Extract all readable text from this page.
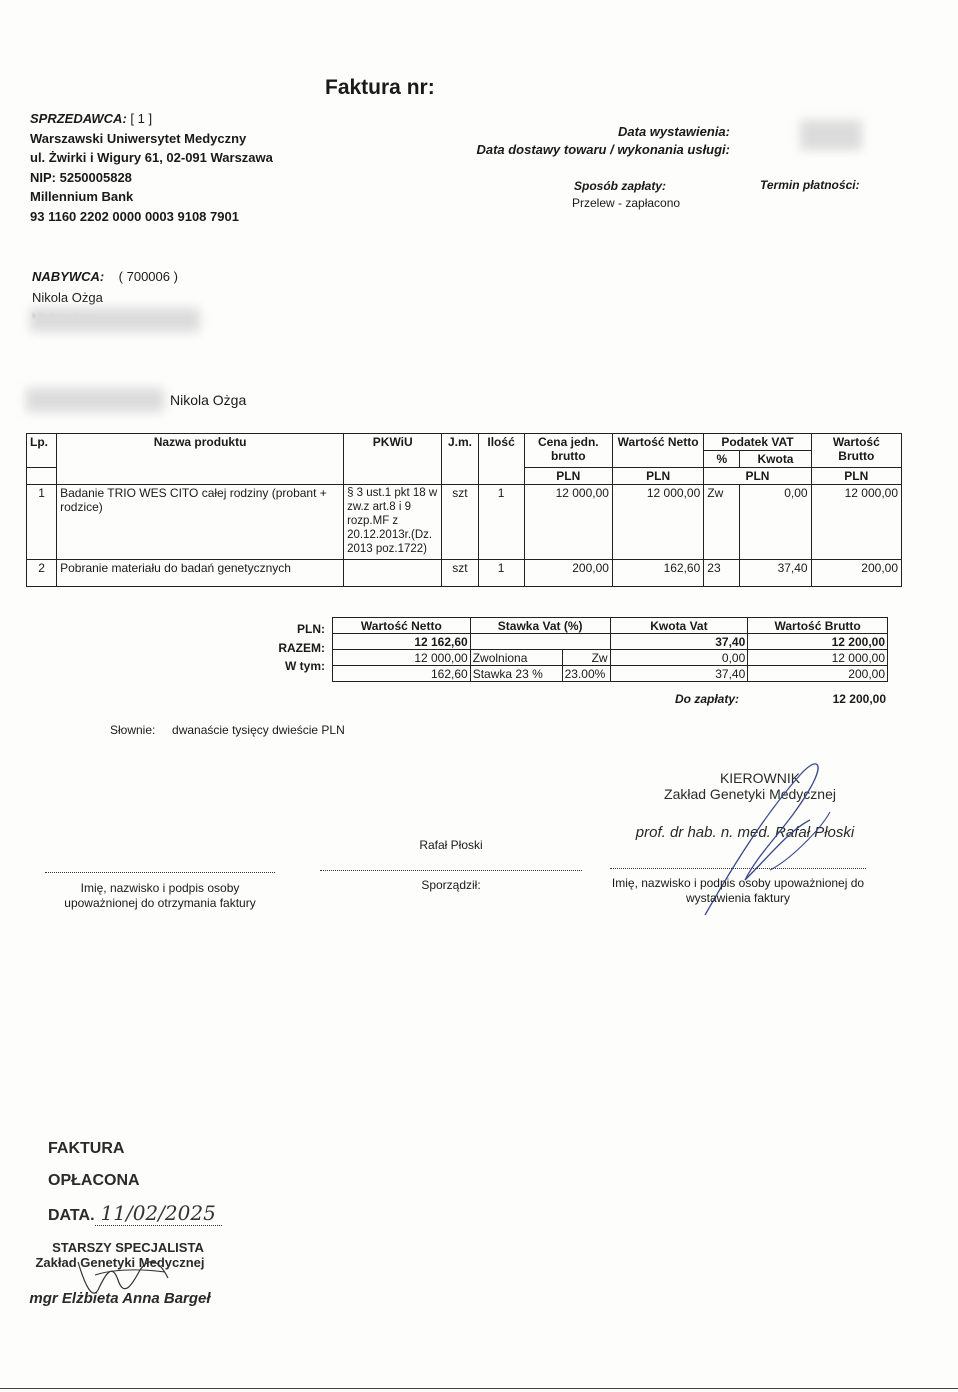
Faktura nr:
SPRZEDAWCA: [ 1 ]
Warszawski Uniwersytet Medyczny
ul. Żwirki i Wigury 61, 02-091 Warszawa
NIP: 5250005828
Millennium Bank
93 1160 2202 0000 0003 9108 7901
Data wystawienia:
Data dostawy towaru / wykonania usługi:
Sposób zapłaty:
Przelew - zapłacono
Termin płatności:
NABYWCA: ( 700006 )
Nikola Ożga
Nikola Ożga
Lp.	Nazwa produktu	PKWiU	J.m.	Ilość	Cena jedn. brutto	Wartość Netto	Podatek VAT		Wartość Brutto
							%	Kwota	
					PLN	PLN	PLN		PLN
1	Badanie TRIO WES CITO całej rodziny (probant + rodzice)	§ 3 ust.1 pkt 18 w zw.z art.8 i 9 rozp.MF z 20.12.2013r.(Dz. 2013 poz.1722)	szt	1	12 000,00	12 000,00	Zw	0,00	12 000,00
2	Pobranie materiału do badań genetycznych		szt	1	200,00	162,60	23	37,40	200,00
PLN:
RAZEM:
W tym:
Wartość Netto	Stawka Vat (%)		Kwota Vat	Wartość Brutto
12 162,60			37,40	12 200,00
12 000,00	Zwolniona	Zw	0,00	12 000,00
162,60	Stawka 23 %	23.00%	37,40	200,00
Do zapłaty:	12 200,00
Słownie: dwanaście tysięcy dwieście PLN
KIEROWNIK
Zakład Genetyki Medycznej
prof. dr hab. n. med. Rafał Płoski
Imię, nazwisko i podpis osoby upoważnionej do otrzymania faktury
Rafał Płoski
Sporządził:	Imię, nazwisko i podpis osoby upoważnionej do wystawienia faktury
FAKTURA
OPŁACONA
DATA. 11/02/2025
STARSZY SPECJALISTA
Zakład Genetyki Medycznej
mgr Elżbieta Anna Bargeł
